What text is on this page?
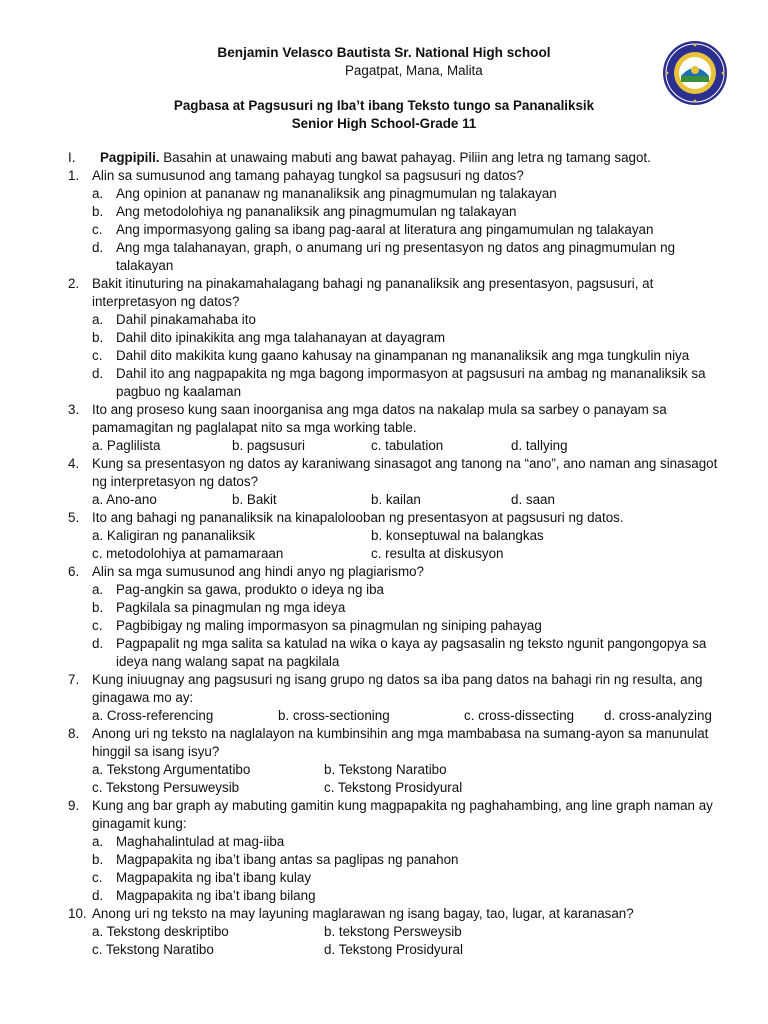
Benjamin Velasco Bautista Sr. National High school
Pagatpat, Mana, Malita
Pagbasa at Pagsusuri ng Iba’t ibang Teksto tungo sa Pananaliksik
Senior High School-Grade 11
I. Pagpipili. Basahin at unawaing mabuti ang bawat pahayag. Piliin ang letra ng tamang sagot.
1. Alin sa sumusunod ang tamang pahayag tungkol sa pagsusuri ng datos?
a. Ang opinion at pananaw ng mananaliksik ang pinagmumulan ng talakayan
b. Ang metodolohiya ng pananaliksik ang pinagmumulan ng talakayan
c. Ang impormasyong galing sa ibang pag-aaral at literatura ang pingamumulan ng talakayan
d. Ang mga talahanayan, graph, o anumang uri ng presentasyon ng datos ang pinagmumulan ng talakayan
2. Bakit itinuturing na pinakamahalagang bahagi ng pananaliksik ang presentasyon, pagsusuri, at interpretasyon ng datos?
a. Dahil pinakamahaba ito
b. Dahil dito ipinakikita ang mga talahanayan at dayagram
c. Dahil dito makikita kung gaano kahusay na ginampanan ng mananaliksik ang mga tungkulin niya
d. Dahil ito ang nagpapakita ng mga bagong impormasyon at pagsusuri na ambag ng mananaliksik sa pagbuo ng kaalaman
3. Ito ang proseso kung saan inoorganisa ang mga datos na nakalap mula sa sarbey o panayam sa pamamagitan ng paglalapat nito sa mga working table.
a. Paglilista	b. pagsusuri	c. tabulation	d. tallying
4. Kung sa presentasyon ng datos ay karaniwang sinasagot ang tanong na “ano”, ano naman ang sinasagot ng interpretasyon ng datos?
a. Ano-ano	b. Bakit	b. kailan	d. saan
5. Ito ang bahagi ng pananaliksik na kinapalolooban ng presentasyon at pagsusuri ng datos.
a. Kaligiran ng pananaliksik	b. konseptuwal na balangkas
c. metodolohiya at pamamaraan	c. resulta at diskusyon
6. Alin sa mga sumusunod ang hindi anyo ng plagiarismo?
a. Pag-angkin sa gawa, produkto o ideya ng iba
b. Pagkilala sa pinagmulan ng mga ideya
c. Pagbibigay ng maling impormasyon sa pinagmulan ng siniping pahayag
d. Pagpapalit ng mga salita sa katulad na wika o kaya ay pagsasalin ng teksto ngunit pangongopya sa ideya nang walang sapat na pagkilala
7. Kung iniuugnay ang pagsusuri ng isang grupo ng datos sa iba pang datos na bahagi rin ng resulta, ang ginagawa mo ay:
a. Cross-referencing	b. cross-sectioning	c. cross-dissecting d. cross-analyzing
8. Anong uri ng teksto na naglalayon na kumbinsihin ang mga mambabasa na sumang-ayon sa manunulat hinggil sa isang isyu?
a. Tekstong Argumentatibo	b. Tekstong Naratibo
c. Tekstong Persuweysib	c. Tekstong Prosidyural
9. Kung ang bar graph ay mabuting gamitin kung magpapakita ng paghahambing, ang line graph naman ay ginagamit kung:
a. Maghahalintulad at mag-iiba
b. Magpapakita ng iba’t ibang antas sa paglipas ng panahon
c. Magpapakita ng iba’t ibang kulay
d. Magpapakita ng iba’t ibang bilang
10. Anong uri ng teksto na may layuning maglarawan ng isang bagay, tao, lugar, at karanasan?
a. Tekstong deskriptibo	b. tekstong Persweysib
c. Tekstong Naratibo	d. Tekstong Prosidyural
